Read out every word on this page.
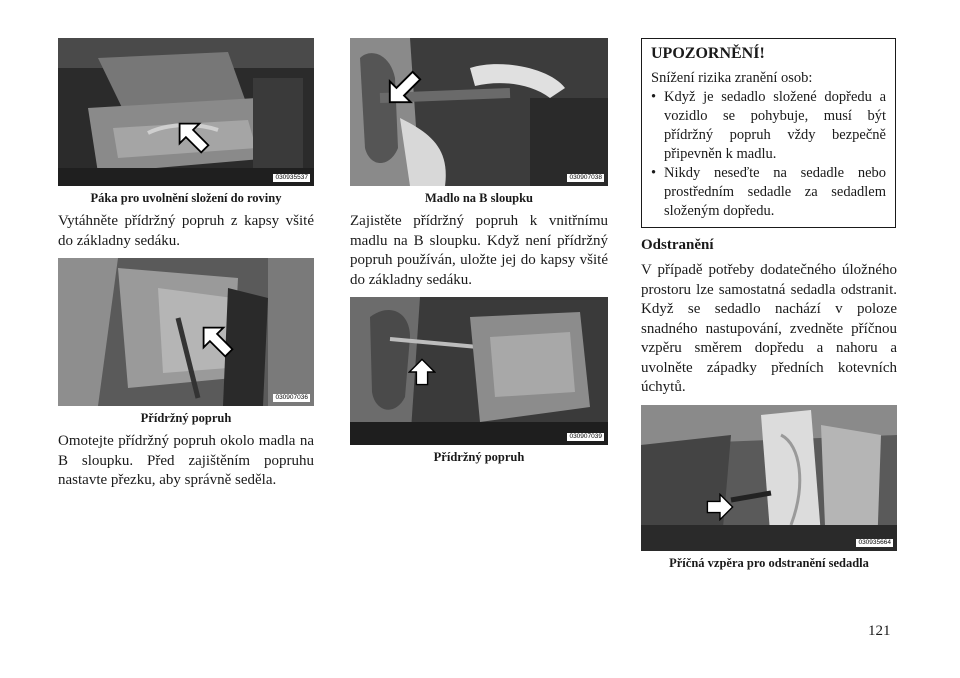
030935537
Páka pro uvolnění složení do roviny

Vytáhněte přídržný popruh z kapsy všité do základny sedáku.

030907036
Přídržný popruh

Omotejte přídržný popruh okolo madla na B sloupku. Před zajištěním popruhu nastavte přezku, aby správně seděla.

030907038
Madlo na B sloupku

Zajistěte přídržný popruh k vnitřnímu madlu na B sloupku. Když není přídržný popruh používán, uložte jej do kapsy všité do základny sedáku.

030907039
Přídržný popruh
UPOZORNĚNÍ!
Snížení rizika zranění osob:
• Když je sedadlo složené dopředu a vozidlo se pohybuje, musí být přídržný popruh vždy bezpečně připevněn k madlu.
• Nikdy neseďte na sedadle nebo prostředním sedadle za sedadlem složeným dopředu.
Odstranění

V případě potřeby dodatečného úložného prostoru lze samostatná sedadla odstranit. Když se sedadlo nachází v poloze snadného nastupování, zvedněte příčnou vzpěru směrem dopředu a nahoru a uvolněte západky předních kotevních úchytů.

030935664
Příčná vzpěra pro odstranění sedadla
121
